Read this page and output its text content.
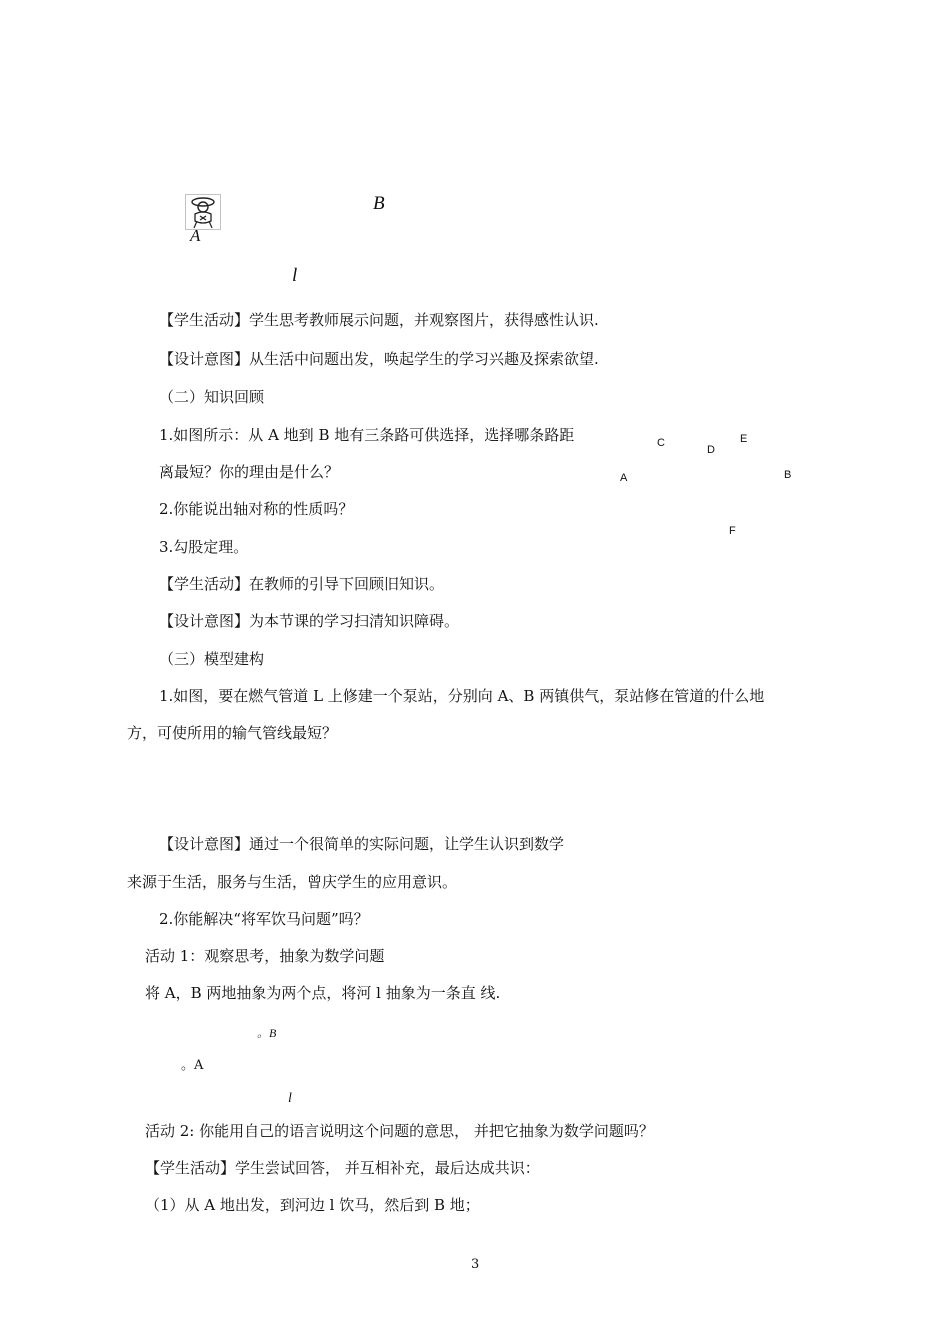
A
B
l
【学生活动】学生思考教师展示问题，并观察图片，获得感性认识.
【设计意图】从生活中问题出发，唤起学生的学习兴趣及探索欲望.
（二）知识回顾
1.如图所示：从 A 地到 B 地有三条路可供选择，选择哪条路距
离最短？你的理由是什么？
2.你能说出轴对称的性质吗？
3.勾股定理。
C
D
E
A	B
F
【学生活动】在教师的引导下回顾旧知识。
【设计意图】为本节课的学习扫清知识障碍。
（三）模型建构
1.如图，要在燃气管道 L 上修建一个泵站，分别向 A、B 两镇供气，泵站修在管道的什么地
方，可使所用的输气管线最短？
【设计意图】通过一个很简单的实际问题，让学生认识到数学
来源于生活，服务与生活，曾庆学生的应用意识。
2.你能解决“将军饮马问题”吗？
活动 1：观察思考，抽象为数学问题
将 A，B 两地抽象为两个点，将河 l 抽象为一条直 线.
。B
。A
l
活动 2: 你能用自己的语言说明这个问题的意思， 并把它抽象为数学问题吗？
【学生活动】学生尝试回答， 并互相补充，最后达成共识：
（1）从 A 地出发，到河边 l 饮马，然后到 B 地；
3
